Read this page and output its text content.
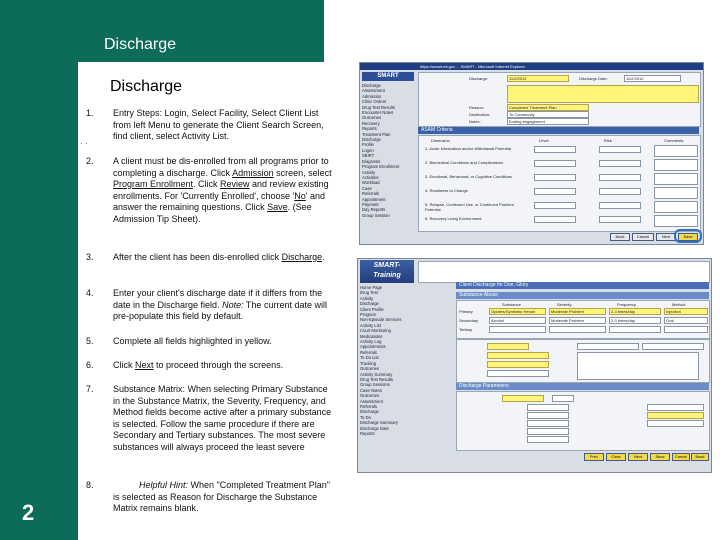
Discharge
2
Discharge
. .
1. Entry Steps: Login, Select Facility, Select Client List from left Menu to generate the Client Search Screen, find client, select Activity List.
2. A client must be dis-enrolled from all programs prior to completing a discharge. Click Admission screen, select Program Enrollment. Click Review and review existing enrollments. For 'Currently Enrolled', choose 'No' and answer the remaining questions. Click Save. (See Admission Tip Sheet).
3. After the client has been dis-enrolled click Discharge.
4. Enter your client's discharge date if it differs from the date in the Discharge field. Note: The current date will pre-populate this field by default.
5. Complete all fields highlighted in yellow.
6. Click Next to proceed through the screens.
7. Substance Matrix: When selecting Primary Substance in the Substance Matrix, the Severity, Frequency, and Method fields become active after a primary substance is selected. Follow the same procedure if there are Secondary and Tertiary substances. The most severe substances will always proceed the least severe
8.	Helpful Hint: When "Completed Treatment Plan" is selected as Reason for Discharge the Substance Matrix remains blank.
https://smart.mt.gov ... SMART - Microsoft Internet Explorer
SMART
Discharge
Assessment
Admission
Clinic Orders
Drug Test Results
Encounter Notes
Outcomes
Recovery
Reports
Treatment Plan
Discharge
Profile
Logon
SBIRT
Diagnosis
Program Enrollment
Activity
Activities
Workload
Case
Referrals
Appointment
Payment
Day Reports
Group Session
Discharge:	11/2/2012	Discharge Date:	11/2/2012
Reason:	Completed Treatment Plan
Destination:	To Community
Notes:	Ending engagement
ASAM Criteria
Dimension	Level	Risk	Comments
1. Acute Intoxication and/or Withdrawal Potential
2. Biomedical Conditions and Complications
3. Emotional, Behavioral, or Cognitive Conditions
4. Readiness to Change
5. Relapse, Continued Use, or Continued Problem Potential
6. Recovery Living Environment
Back	Cancel	Next	Save
SMART-
Training
Home Page
Drug Test
Activity
Discharge
Client Profile
Program
Non-Episode Services
Activity List
Court Monitoring
Medications
Activity Log
Appointments
Referrals
To Do List
Tracking
Outcomes
Activity Summary
Drug Test Results
Group Sessions
Case Notes
Outcomes
Assessment
Referrals
Discharge
To Do
Discharge Summary
Discharge Date
Reports
Client Discharge for Doe, Glory
Substance Abuse
Substance	Severity	Frequency	Method
Primary	Opiates/Synthetic Heroin	Moderate Problem	2-3 times/day	Injection
Secondary	Alcohol	Moderate Problem	2-3 times/day	Oral
Tertiary
Discharge Parameters
Prev	Clear	Next	Save	Cancel	Back
